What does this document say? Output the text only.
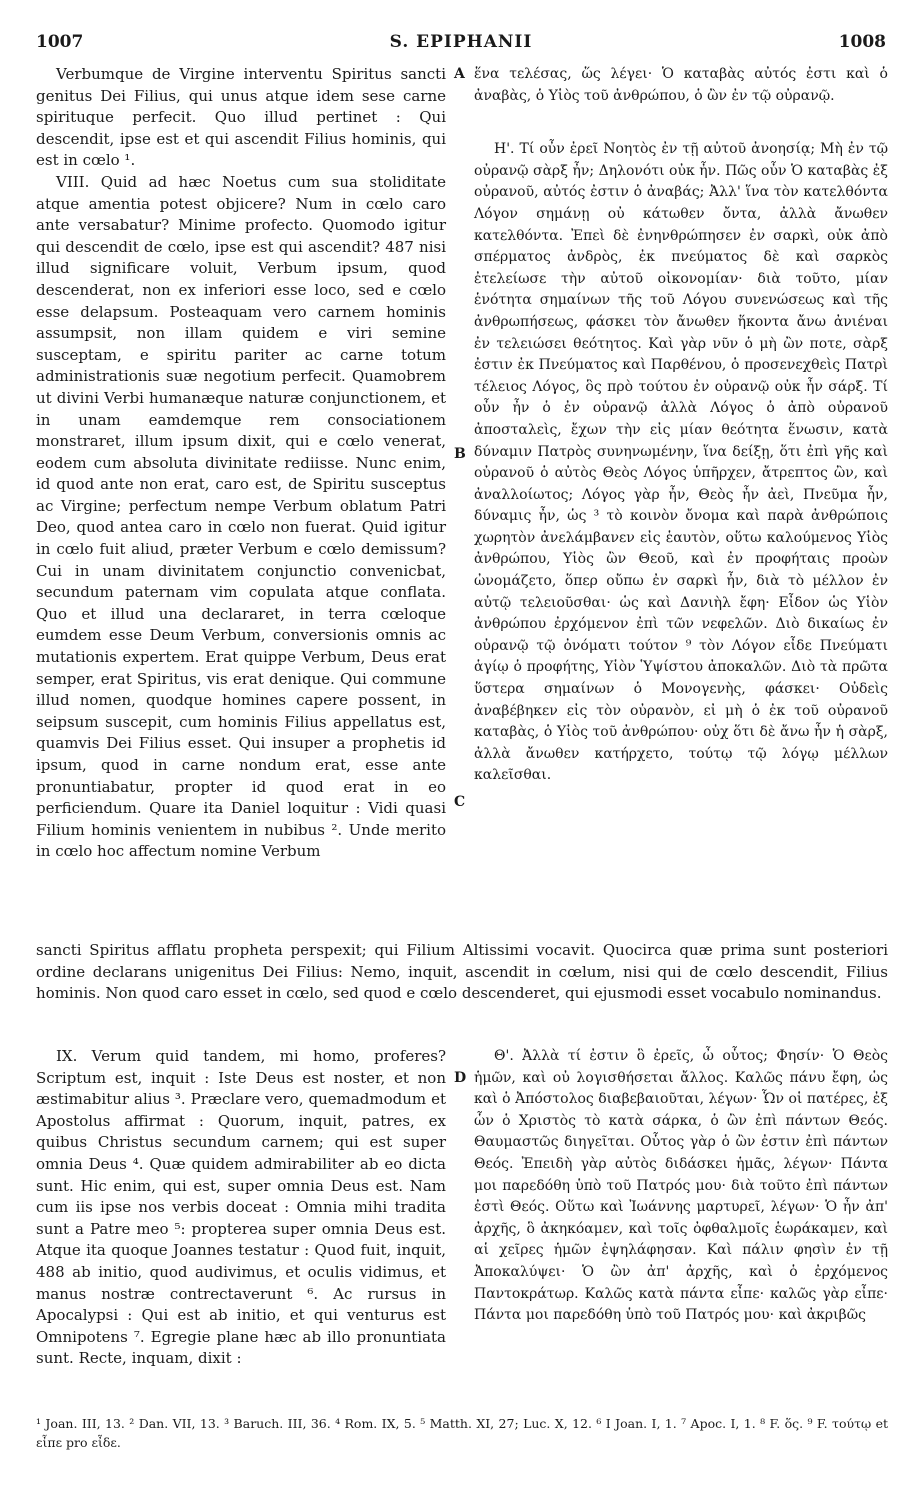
1007	S. EPIPHANII	1008

Verbumque de Virgine interventu Spiritus sancti genitus Dei Filius, qui unus atque idem sese carne spirituque perfecit. Quo illud pertinet : Qui descendit, ipse est et qui ascendit Filius hominis, qui est in cœlo ¹.

VIII. Quid ad hæc Noetus cum sua stoliditate atque amentia potest objicere? Num in cœlo caro ante versabatur? Minime profecto. Quomodo igitur qui descendit de cœlo, ipse est qui ascendit? 487 nisi illud significare voluit, Verbum ipsum, quod descenderat, non ex inferiori esse loco, sed e cœlo esse delapsum. Posteaquam vero carnem hominis assumpsit, non illam quidem e viri semine susceptam, e spiritu pariter ac carne totum administrationis suæ negotium perfecit. Quamobrem ut divini Verbi humanæque naturæ conjunctionem, et in unam eamdemque rem consociationem monstraret, illum ipsum dixit, qui e cœlo venerat, eodem cum absoluta divinitate rediisse. Nunc enim, id quod ante non erat, caro est, de Spiritu susceptus ac Virgine; perfectum nempe Verbum oblatum Patri Deo, quod antea caro in cœlo non fuerat. Quid igitur in cœlo fuit aliud, præter Verbum e cœlo demissum? Cui in unam divinitatem conjunctio convenicbat, secundum paternam vim copulata atque conflata. Quo et illud una declararet, in terra cœloque eumdem esse Deum Verbum, conversionis omnis ac mutationis expertem. Erat quippe Verbum, Deus erat semper, erat Spiritus, vis erat denique. Qui commune illud nomen, quodque homines capere possent, in seipsum suscepit, cum hominis Filius appellatus est, quamvis Dei Filius esset. Qui insuper a prophetis id ipsum, quod in carne nondum erat, esse ante pronuntiabatur, propter id quod erat in eo perficiendum. Quare ita Daniel loquitur : Vidi quasi Filium hominis venientem in nubibus ². Unde merito in cœlo hoc affectum nomine Verbum

ἕνα τελέσας, ὥς λέγει· Ὁ καταβὰς αὐτός ἐστι καὶ ὁ ἀναβὰς, ὁ Υἱὸς τοῦ ἀνθρώπου, ὁ ὢν ἐν τῷ οὐρανῷ.

Η'. Τί οὖν ἐρεῖ Νοητὸς ἐν τῇ αὐτοῦ ἀνοησίᾳ; Μὴ ἐν τῷ οὐρανῷ σὰρξ ἦν; Δηλονότι οὐκ ἦν. Πῶς οὖν Ὁ καταβὰς ἐξ οὐρανοῦ, αὐτός ἐστιν ὁ ἀναβάς; Ἀλλ' ἵνα τὸν κατελθόντα Λόγον σημάνῃ οὐ κάτωθεν ὄντα, ἀλλὰ ἄνωθεν κατελθόντα. Ἐπεὶ δὲ ἐνηνθρώπησεν ἐν σαρκὶ, οὐκ ἀπὸ σπέρματος ἀνδρὸς, ἐκ πνεύματος δὲ καὶ σαρκὸς ἐτελείωσε τὴν αὐτοῦ οἰκονομίαν· διὰ τοῦτο, μίαν ἑνότητα σημαίνων τῆς τοῦ Λόγου συνενώσεως καὶ τῆς ἀνθρωπήσεως, φάσκει τὸν ἄνωθεν ἥκοντα ἄνω ἀνιέναι ἐν τελειώσει θεότητος. Καὶ γὰρ νῦν ὁ μὴ ὢν ποτε, σὰρξ ἐστιν ἐκ Πνεύματος καὶ Παρθένου, ὁ προσενεχθεὶς Πατρὶ τέλειος Λόγος, ὃς πρὸ τούτου ἐν οὐρανῷ οὐκ ἦν σάρξ. Τί οὖν ἦν ὁ ἐν οὐρανῷ ἀλλὰ Λόγος ὁ ἀπὸ οὐρανοῦ ἀποσταλεὶς, ἔχων τὴν εἰς μίαν θεότητα ἕνωσιν, κατὰ δύναμιν Πατρὸς συνηνωμένην, ἵνα δείξῃ, ὅτι ἐπὶ γῆς καὶ οὐρανοῦ ὁ αὐτὸς Θεὸς Λόγος ὑπῆρχεν, ἄτρεπτος ὢν, καὶ ἀναλλοίωτος; Λόγος γὰρ ἦν, Θεὸς ἦν ἀεὶ, Πνεῦμα ἦν, δύναμις ἦν, ὡς ³ τὸ κοινὸν ὄνομα καὶ παρὰ ἀνθρώποις χωρητὸν ἀνελάμβανεν εἰς ἑαυτὸν, οὕτω καλούμενος Υἱὸς ἀνθρώπου, Υἱὸς ὢν Θεοῦ, καὶ ἐν προφήταις προὼν ὠνομάζετο, ὅπερ οὔπω ἐν σαρκὶ ἦν, διὰ τὸ μέλλον ἐν αὐτῷ τελειοῦσθαι· ὡς καὶ Δανιὴλ ἔφη· Εἶδον ὡς Υἱὸν ἀνθρώπου ἐρχόμενον ἐπὶ τῶν νεφελῶν. Διὸ δικαίως ἐν οὐρανῷ τῷ ὀνόματι τούτον ⁹ τὸν Λόγον εἶδε Πνεύματι ἁγίῳ ὁ προφήτης, Υἱὸν Ὑψίστου ἀποκαλῶν. Διὸ τὰ πρῶτα ὕστερα σημαίνων ὁ Μονογενὴς, φάσκει· Οὐδεὶς ἀναβέβηκεν εἰς τὸν οὐρανὸν, εἰ μὴ ὁ ἐκ τοῦ οὐρανοῦ καταβὰς, ὁ Υἱὸς τοῦ ἀνθρώπου· οὐχ ὅτι δὲ ἄνω ἦν ἡ σὰρξ, ἀλλὰ ἄνωθεν κατήρχετο, τούτῳ τῷ λόγῳ μέλλων καλεῖσθαι.

A
B
C
D
sancti Spiritus afflatu propheta perspexit; qui Filium Altissimi vocavit. Quocirca quæ prima sunt posteriori ordine declarans unigenitus Dei Filius: Nemo, inquit, ascendit in cœlum, nisi qui de cœlo descendit, Filius hominis. Non quod caro esset in cœlo, sed quod e cœlo descenderet, qui ejusmodi esset vocabulo nominandus.

IX. Verum quid tandem, mi homo, proferes? Scriptum est, inquit : Iste Deus est noster, et non æstimabitur alius ³. Præclare vero, quemadmodum et Apostolus affirmat : Quorum, inquit, patres, ex quibus Christus secundum carnem; qui est super omnia Deus ⁴. Quæ quidem admirabiliter ab eo dicta sunt. Hic enim, qui est, super omnia Deus est. Nam cum iis ipse nos verbis doceat : Omnia mihi tradita sunt a Patre meo ⁵: propterea super omnia Deus est. Atque ita quoque Joannes testatur : Quod fuit, inquit, 488 ab initio, quod audivimus, et oculis vidimus, et manus nostræ contrectaverunt ⁶. Ac rursus in Apocalypsi : Qui est ab initio, et qui venturus est Omnipotens ⁷. Egregie plane hæc ab illo pronuntiata sunt. Recte, inquam, dixit :

Θ'. Ἀλλὰ τί ἐστιν ὃ ἐρεῖς, ὦ οὗτος; Φησίν· Ὁ Θεὸς ἡμῶν, καὶ οὐ λογισθήσεται ἄλλος. Καλῶς πάνυ ἔφη, ὡς καὶ ὁ Ἀπόστολος διαβεβαιοῦται, λέγων· Ὧν οἱ πατέρες, ἐξ ὧν ὁ Χριστὸς τὸ κατὰ σάρκα, ὁ ὢν ἐπὶ πάντων Θεός. Θαυμαστῶς διηγεῖται. Οὗτος γὰρ ὁ ὢν ἐστιν ἐπὶ πάντων Θεός. Ἐπειδὴ γὰρ αὐτὸς διδάσκει ἡμᾶς, λέγων· Πάντα μοι παρεδόθη ὑπὸ τοῦ Πατρός μου· διὰ τοῦτο ἐπὶ πάντων ἐστὶ Θεός. Οὕτω καὶ Ἰωάννης μαρτυρεῖ, λέγων· Ὁ ἦν ἀπ' ἀρχῆς, ὃ ἀκηκόαμεν, καὶ τοῖς ὀφθαλμοῖς ἑωράκαμεν, καὶ αἱ χεῖρες ἡμῶν ἐψηλάφησαν. Καὶ πάλιν φησὶν ἐν τῇ Ἀποκαλύψει· Ὁ ὢν ἀπ' ἀρχῆς, καὶ ὁ ἐρχόμενος Παντοκράτωρ. Καλῶς κατὰ πάντα εἶπε· καλῶς γὰρ εἶπε· Πάντα μοι παρεδόθη ὑπὸ τοῦ Πατρός μου· καὶ ἀκριβῶς

¹ Joan. III, 13. ² Dan. VII, 13. ³ Baruch. III, 36. ⁴ Rom. IX, 5. ⁵ Matth. XI, 27; Luc. X, 12. ⁶ I Joan. I, 1. ⁷ Apoc. I, 1. ⁸ F. ὅς. ⁹ F. τούτῳ et εἶπε pro εἶδε.
